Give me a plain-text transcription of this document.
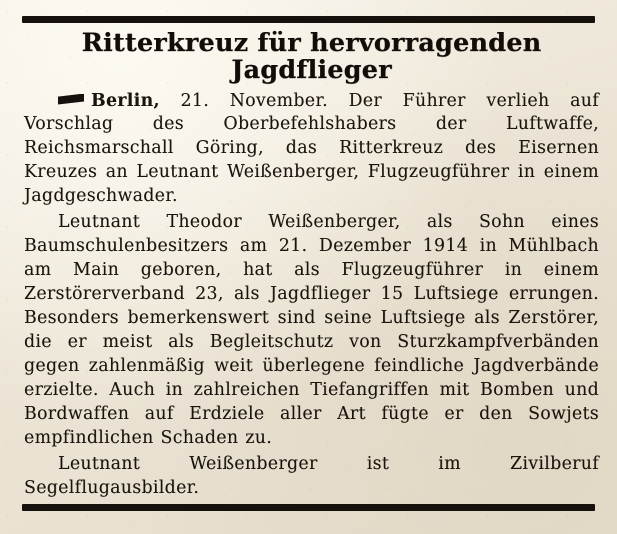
Ritterkreuz für hervorragenden Jagdflieger

Berlin, 21. November. Der Führer verlieh auf Vorschlag des Oberbefehlshabers der Luftwaffe, Reichsmarschall Göring, das Ritterkreuz des Eisernen Kreuzes an Leutnant Weißenberger, Flugzeugführer in einem Jagdgeschwader.

Leutnant Theodor Weißenberger, als Sohn eines Baumschulenbesitzers am 21. Dezember 1914 in Mühlbach am Main geboren, hat als Flugzeugführer in einem Zerstörerverband 23, als Jagdflieger 15 Luftsiege errungen. Besonders bemerkenswert sind seine Luftsiege als Zerstörer, die er meist als Begleitschutz von Sturzkampfverbänden gegen zahlenmäßig weit überlegene feindliche Jagdverbände erzielte. Auch in zahlreichen Tiefangriffen mit Bomben und Bordwaffen auf Erdziele aller Art fügte er den Sowjets empfindlichen Schaden zu.

Leutnant Weißenberger ist im Zivilberuf Segelflugausbilder.
